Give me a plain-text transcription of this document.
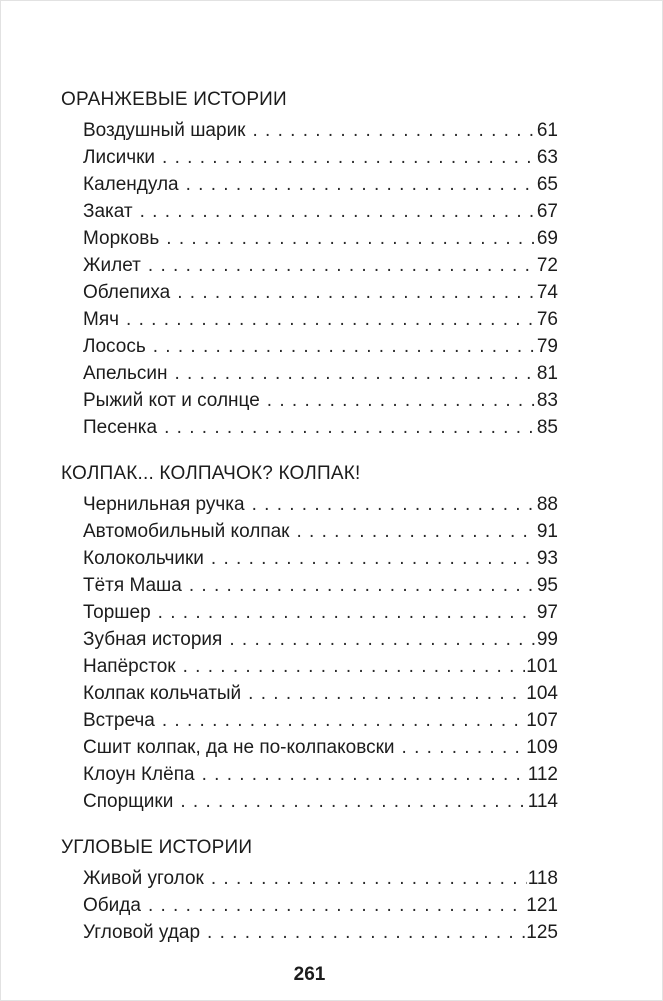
ОРАНЖЕВЫЕ ИСТОРИИ
Воздушный шарик . . .	61
Лисички . . .	63
Календула . . .	65
Закат . . .	67
Морковь . . .	69
Жилет . . .	72
Облепиха . . .	74
Мяч . . .	76
Лосось . . .	79
Апельсин . . .	81
Рыжий кот и солнце . . .	83
Песенка . . .	85
КОЛПАК... КОЛПАЧОК? КОЛПАК!
Чернильная ручка . . .	88
Автомобильный колпак . . .	91
Колокольчики . . .	93
Тётя Маша . . .	95
Торшер . . .	97
Зубная история . . .	99
Напёрсток . . .	101
Колпак кольчатый . . .	104
Встреча . . .	107
Сшит колпак, да не по-колпаковски . . .	109
Клоун Клёпа . . .	112
Спорщики . . .	114
УГЛОВЫЕ ИСТОРИИ
Живой уголок . . .	118
Обида . . .	121
Угловой удар . . .	125
261
